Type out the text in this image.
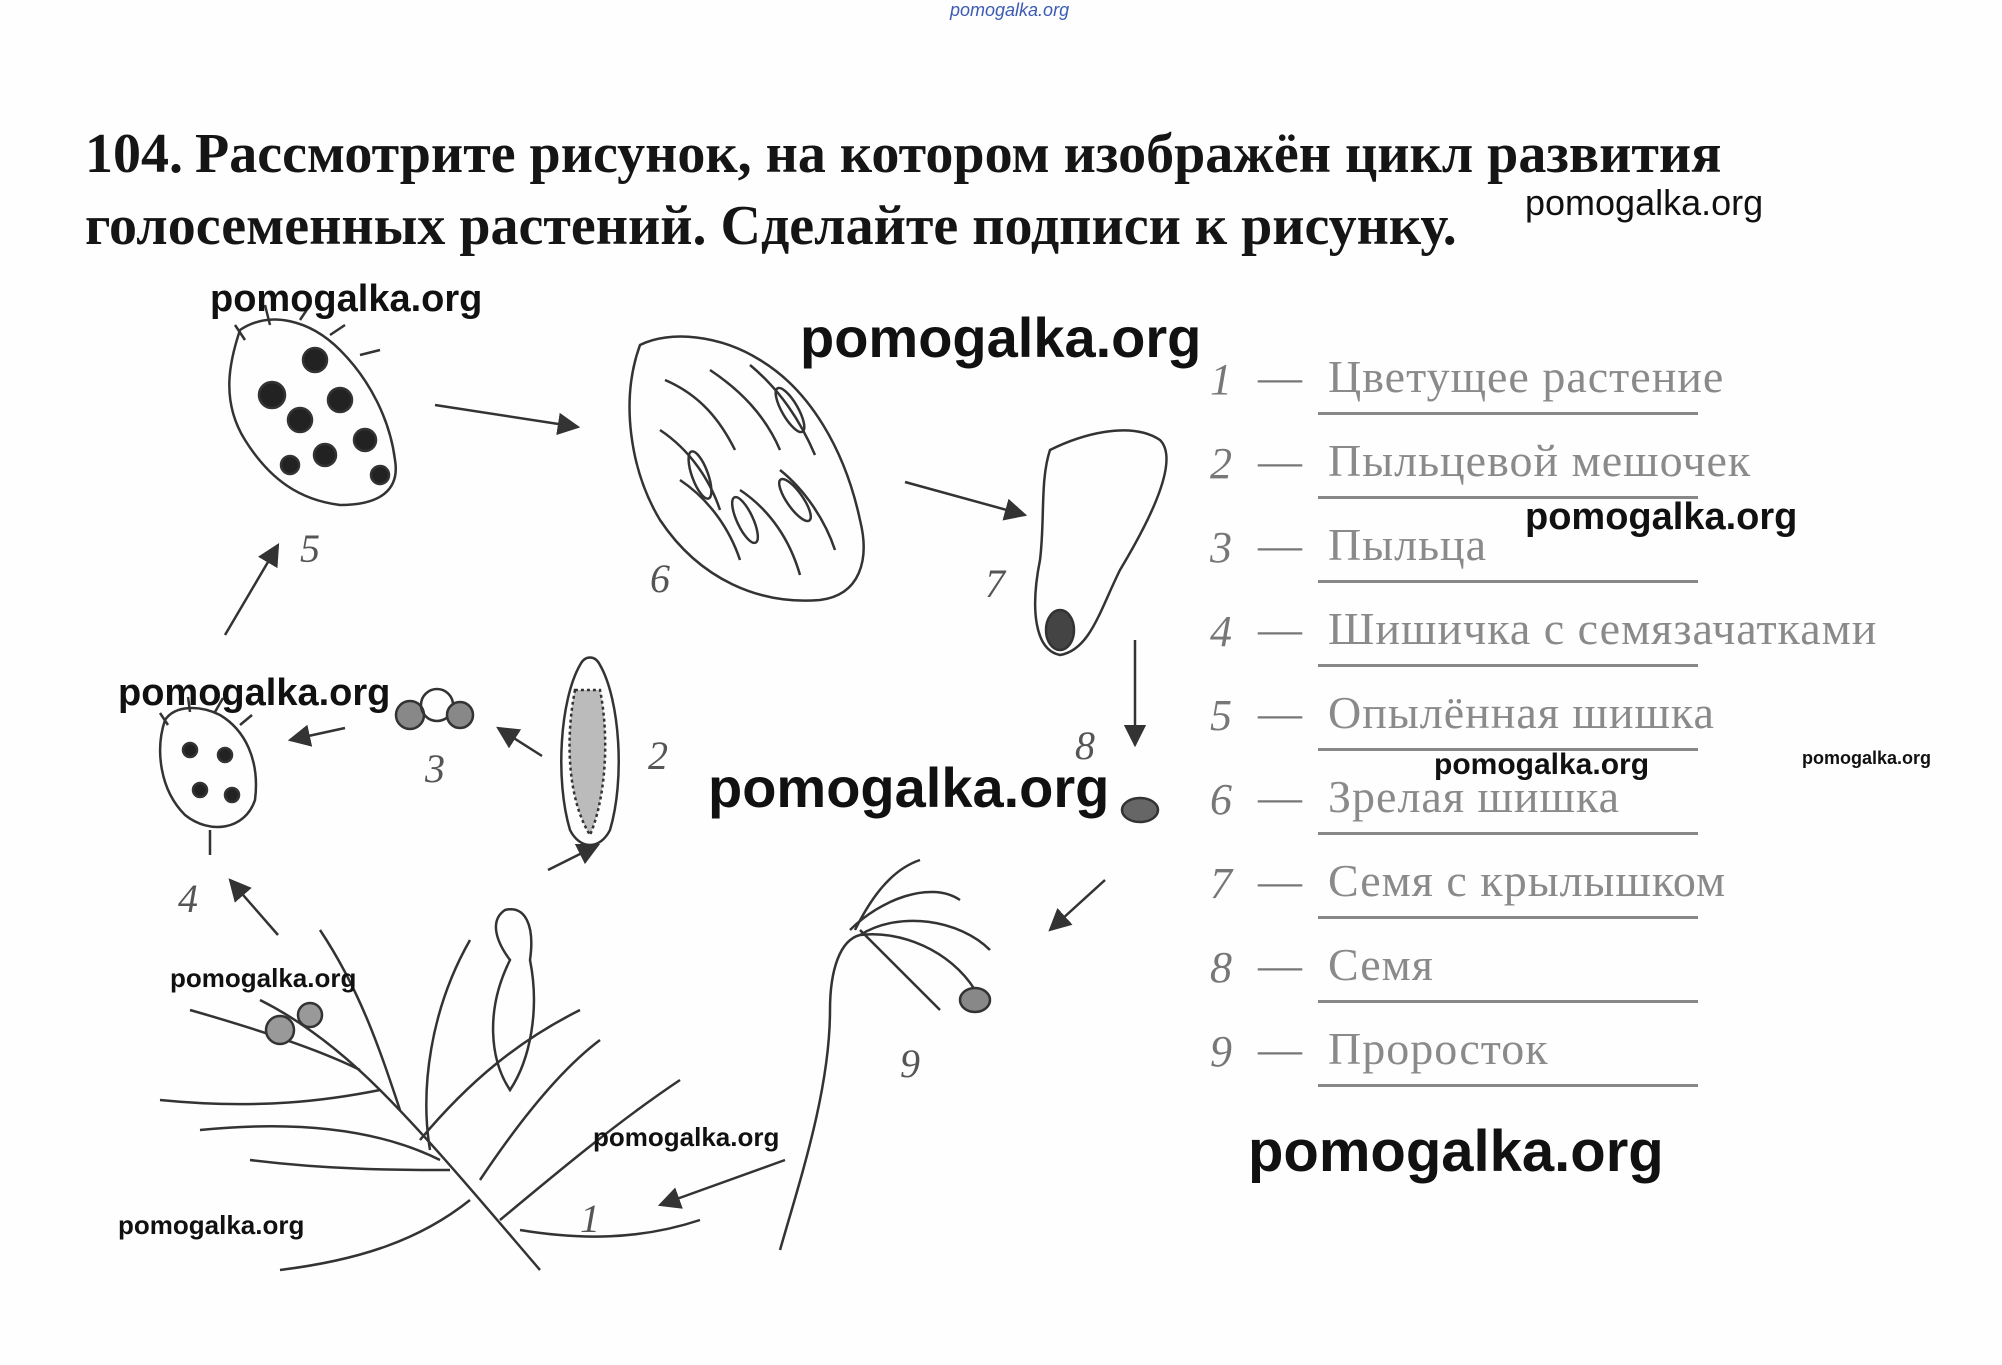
pomogalka.org
104. Рассмотрите рисунок, на котором изображён цикл развития голосеменных растений. Сделайте подписи к рисунку.
5
6	7
8
2
3
4
9
1
1 — Цветущее растение
2 — Пыльцевой мешочек
3 — Пыльца
4 — Шишичка с семязачатками
5 — Опылённая шишка
6 — Зрелая шишка
7 — Семя с крылышком
8 — Семя
9 — Проросток
pomogalka.org
pomogalka.org
pomogalka.org
pomogalka.org
pomogalka.org
pomogalka.org	pomogalka.org	pomogalka.org
pomogalka.org
pomogalka.org	pomogalka.org
pomogalka.org
